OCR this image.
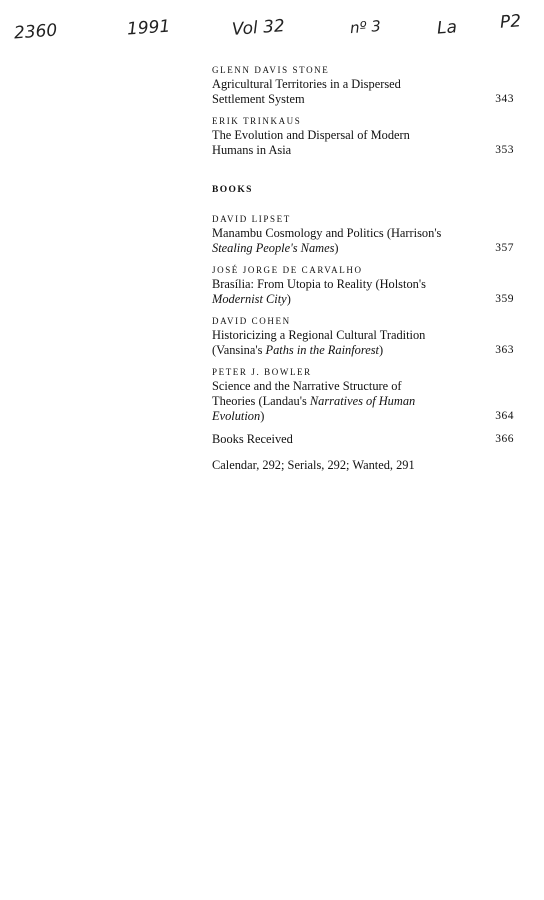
2360	1991	Vol 32	nº 3	La P2
GLENN DAVIS STONE
Agricultural Territories in a Dispersed
Settlement System	343
ERIK TRINKAUS
The Evolution and Dispersal of Modern
Humans in Asia	353
BOOKS
DAVID LIPSET
Manambu Cosmology and Politics (Harrison's
Stealing People's Names)	357
JOSÉ JORGE DE CARVALHO
Brasília: From Utopia to Reality (Holston's
Modernist City)	359
DAVID COHEN
Historicizing a Regional Cultural Tradition
(Vansina's Paths in the Rainforest)	363
PETER J. BOWLER
Science and the Narrative Structure of
Theories (Landau's Narratives of Human
Evolution)	364
Books Received	366
Calendar, 292; Serials, 292; Wanted, 291
